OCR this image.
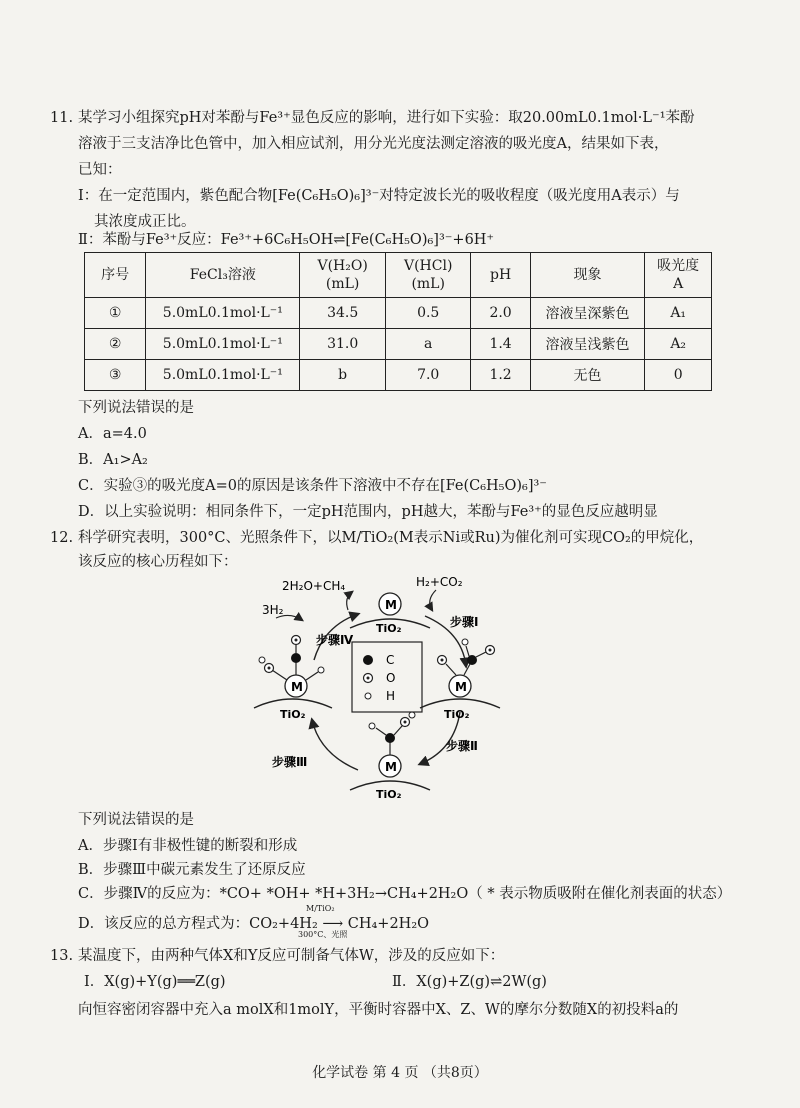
11. 某学习小组探究pH对苯酚与Fe³⁺显色反应的影响，进行如下实验：取20.00mL0.1mol·L⁻¹苯酚
溶液于三支洁净比色管中，加入相应试剂，用分光光度法测定溶液的吸光度A，结果如下表，
已知：
Ⅰ：在一定范围内，紫色配合物[Fe(C₆H₅O)₆]³⁻对特定波长光的吸收程度（吸光度用A表示）与
其浓度成正比。
Ⅱ：苯酚与Fe³⁺反应：Fe³⁺+6C₆H₅OH⇌[Fe(C₆H₅O)₆]³⁻+6H⁺
序号	FeCl₃溶液	V(H₂O)(mL)	V(HCl)(mL)	pH	现象	吸光度
A

①	5.0mL0.1mol·L⁻¹	34.5	0.5	2.0	溶液呈深紫色	A₁
②	5.0mL0.1mol·L⁻¹	31.0	a	1.4	溶液呈浅紫色	A₂
③	5.0mL0.1mol·L⁻¹	b	7.0	1.2	无色	0
下列说法错误的是
A．a=4.0
B．A₁>A₂
C．实验③的吸光度A=0的原因是该条件下溶液中不存在[Fe(C₆H₅O)₆]³⁻
D．以上实验说明：相同条件下，一定pH范围内，pH越大，苯酚与Fe³⁺的显色反应越明显
12. 科学研究表明，300°C、光照条件下，以M/TiO₂(M表示Ni或Ru)为催化剂可实现CO₂的甲烷化，
该反应的核心历程如下：
2H₂O+CH₄	H₂+CO₂
3H₂
步骤Ⅰ
步骤Ⅱ
步骤Ⅲ
步骤Ⅳ
M
TiO₂
M
TiO₂
M
TiO₂
M
TiO₂
C
O
H
下列说法错误的是
A．步骤Ⅰ有非极性键的断裂和形成
B．步骤Ⅲ中碳元素发生了还原反应
C．步骤Ⅳ的反应为：*CO+ *OH+ *H+3H₂→CH₄+2H₂O（ * 表示物质吸附在催化剂表面的状态）
D．该反应的总方程式为：CO₂+4H₂ ⟶ CH₄+2H₂O
M/TiO₂
300°C、光照
13. 某温度下，由两种气体X和Y反应可制备气体W，涉及的反应如下：
Ⅰ．X(g)+Y(g)══Z(g)	Ⅱ．X(g)+Z(g)⇌2W(g)
向恒容密闭容器中充入a molX和1molY，平衡时容器中X、Z、W的摩尔分数随X的初投料a的
化学试卷 第 4 页 （共8页）
